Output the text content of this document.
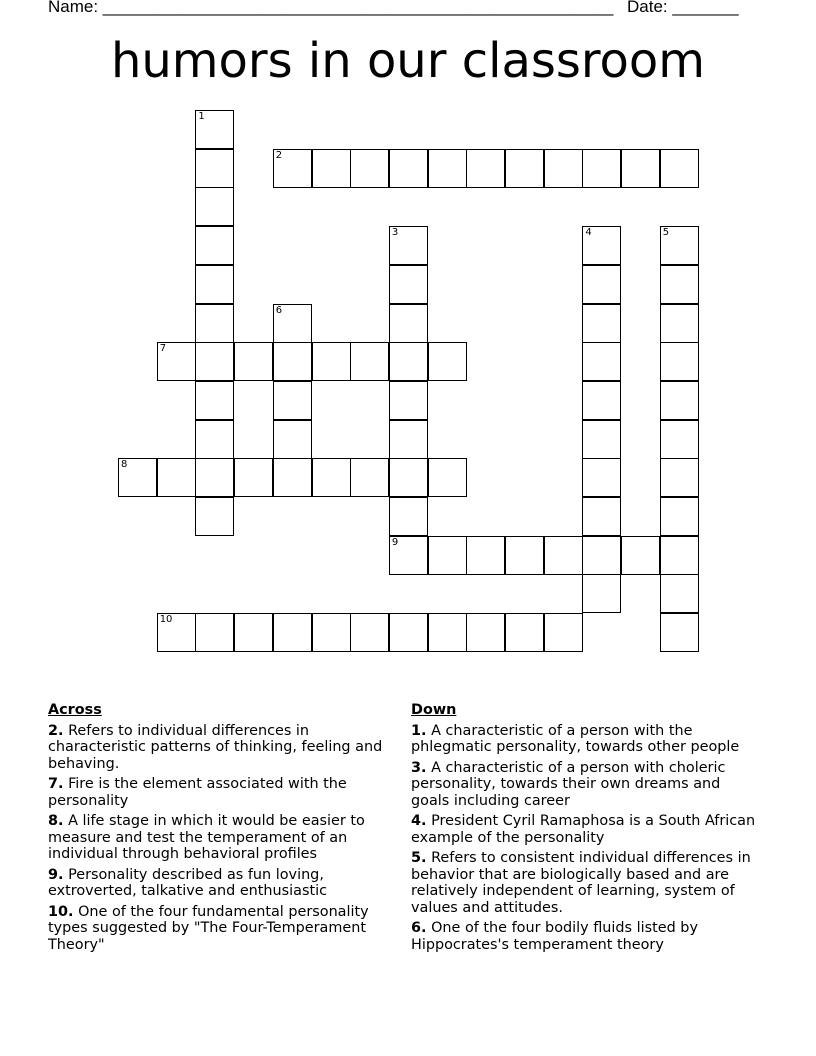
Name: ______________________________________________________ Date: _______
humors in our classroom
1
2
3
9
4	5
6
7
8
10
Across
2. Refers to individual differences in characteristic patterns of thinking, feeling and behaving.
7. Fire is the element associated with the personality
8. A life stage in which it would be easier to measure and test the temperament of an individual through behavioral profiles
9. Personality described as fun loving, extroverted, talkative and enthusiastic
10. One of the four fundamental personality types suggested by "The Four-Temperament Theory"
Down
1. A characteristic of a person with the phlegmatic personality, towards other people
3. A characteristic of a person with choleric personality, towards their own dreams and goals including career
4. President Cyril Ramaphosa is a South African example of the personality
5. Refers to consistent individual differences in behavior that are biologically based and are relatively independent of learning, system of values and attitudes.
6. One of the four bodily fluids listed by Hippocrates's temperament theory
